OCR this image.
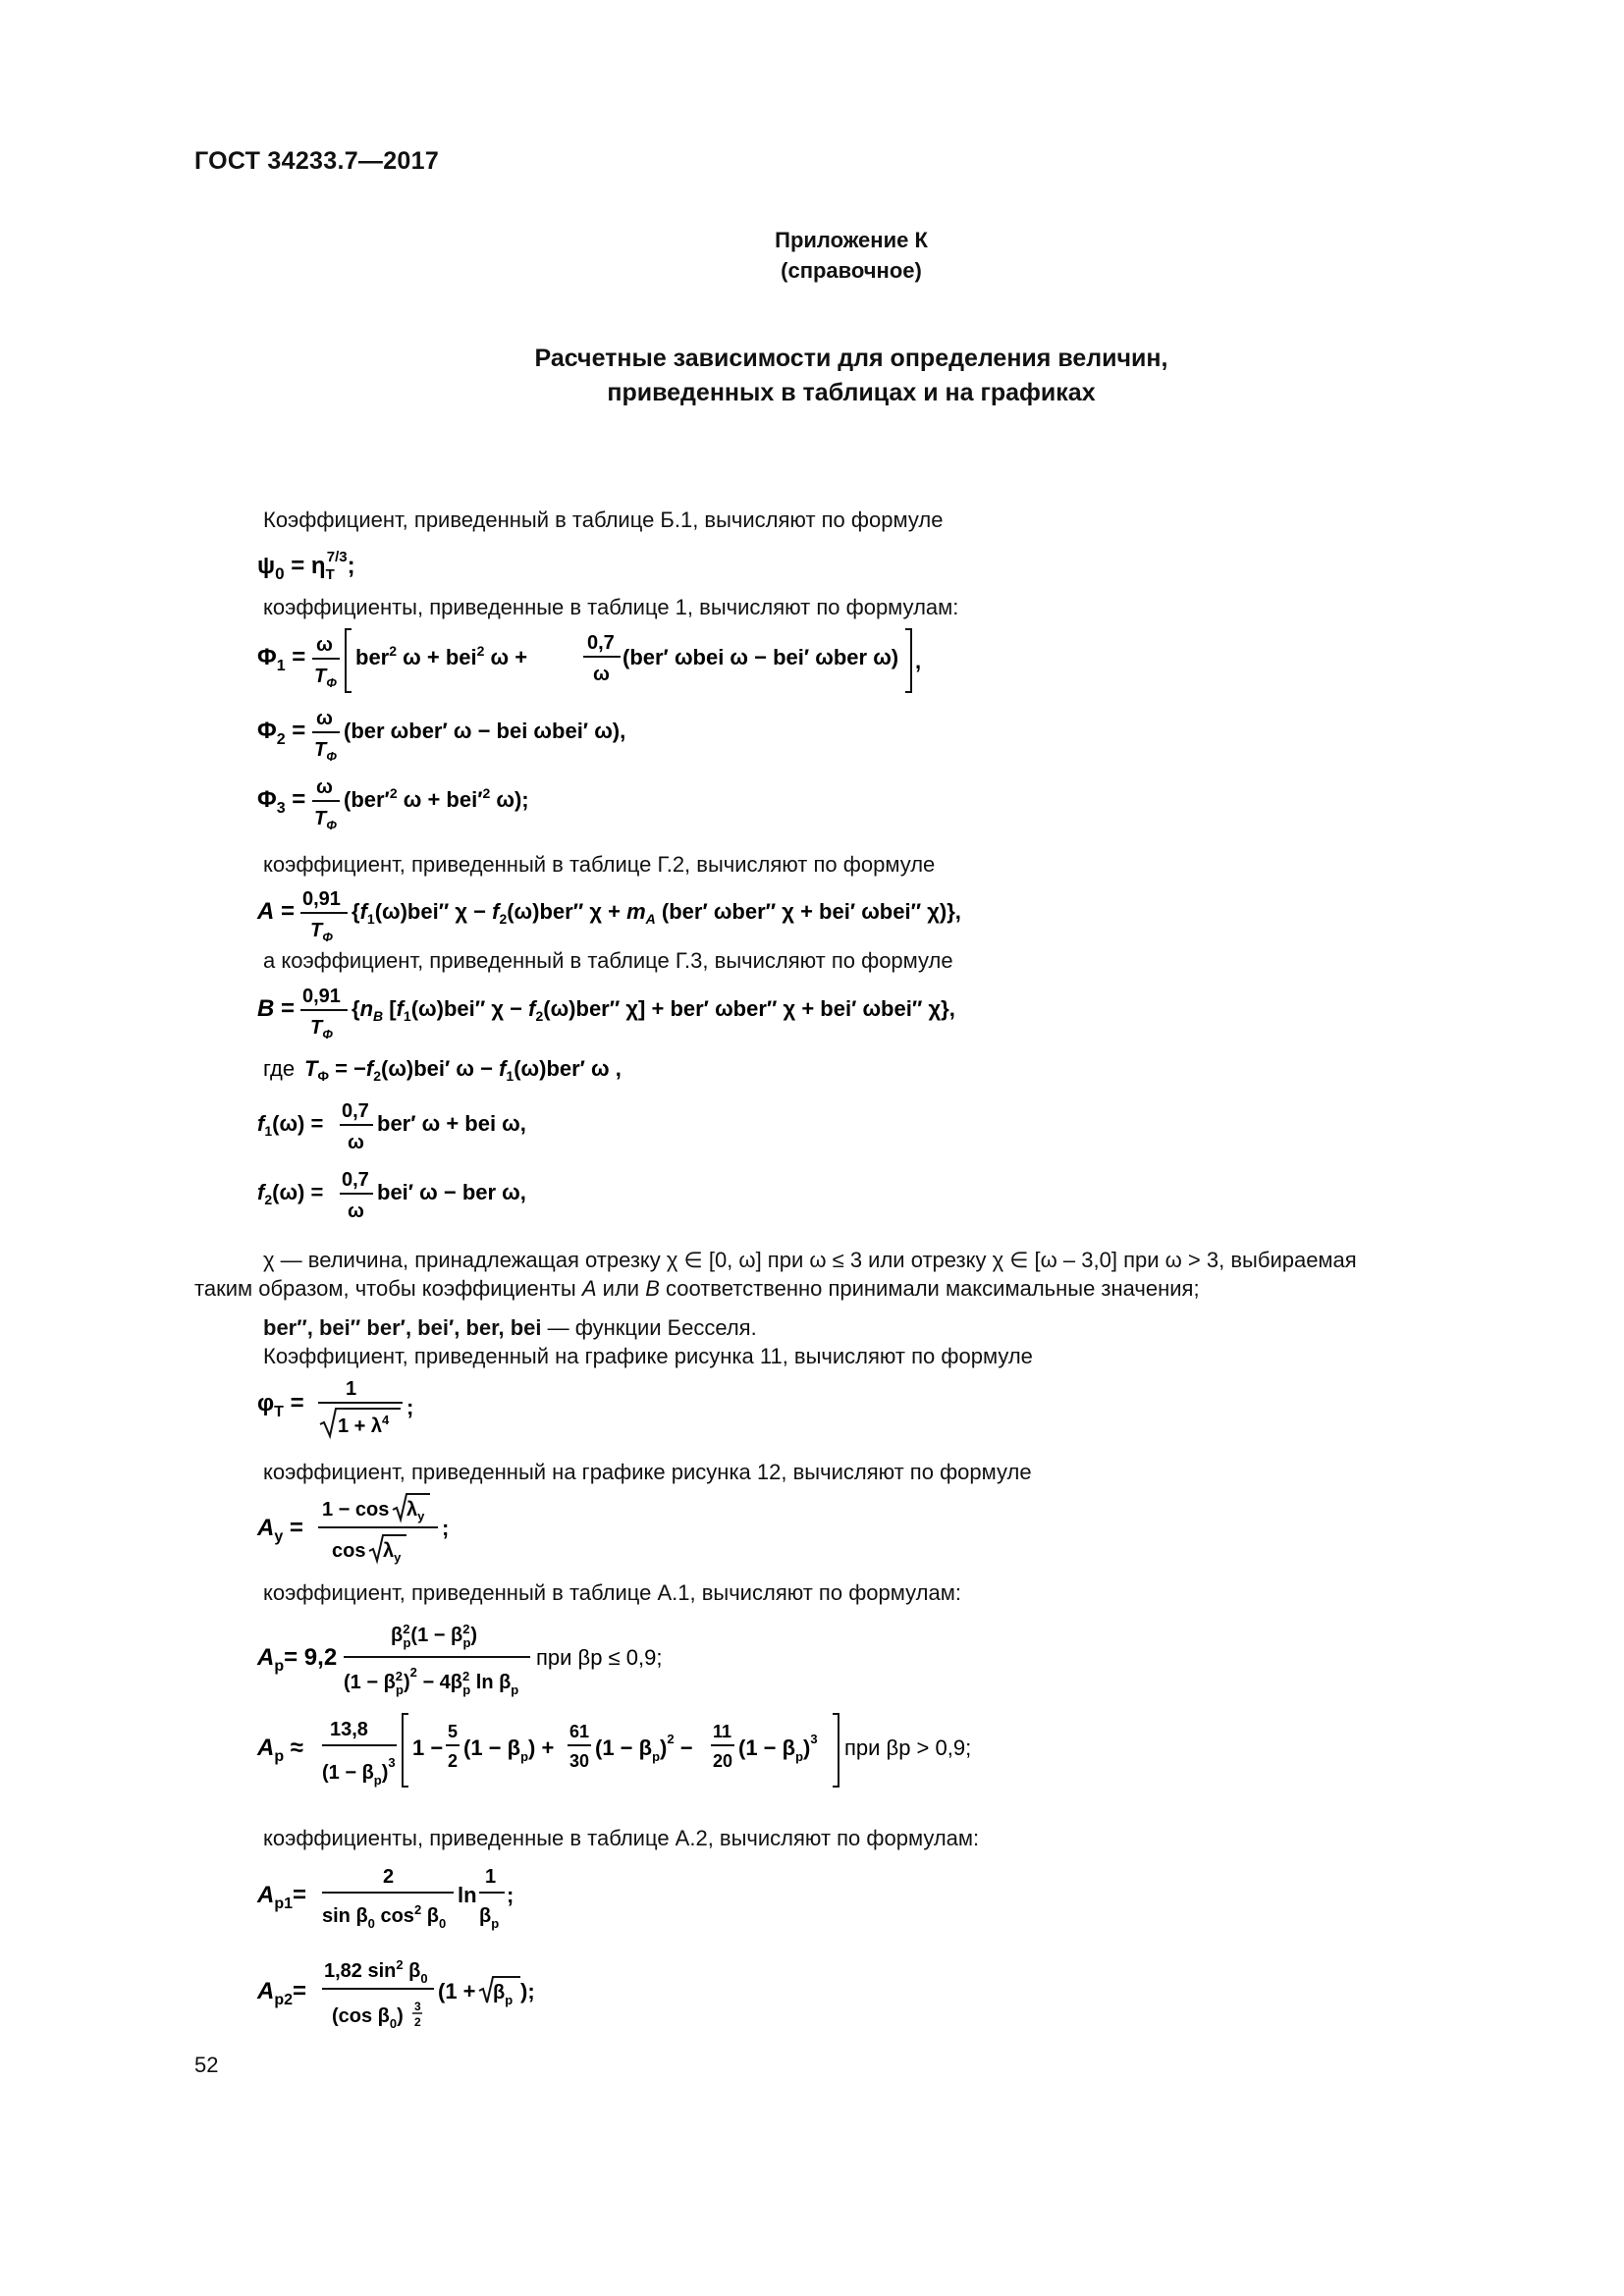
ГОСТ 34233.7—2017
Приложение К
(справочное)
Расчетные зависимости для определения величин,
приведенных в таблицах и на графиках
Коэффициент, приведенный в таблице Б.1, вычисляют по формуле
$\psi_0 = \eta_T7/3$;
коэффициенты, приведенные в таблице 1, вычисляют по формулам:
$\Phi_1 = \omega$
$T_\Phi$
ber$^2$ ω + bei$^2$ ω +
0,7
ω
(ber′ ωbei ω − bei′ ωber ω) ,
$\Phi_2 = \omega$
$T_\Phi$
(ber ωber′ ω − bei ωbei′ ω),
$\Phi_3 = \omega$
$T_\Phi$
($ber'^2$ $\omega + bei'^2$ ω);
коэффициент, приведенный в таблице Г.2, вычисляют по формуле
A = 0,91
$T_\Phi$
{$f_1(\omega)bei''$ $\chi - f_2(\omega)ber''$ $\chi + m_A$ (ber′ ωber″ χ + bei′ ωbei″ χ)},
а коэффициент, приведенный в таблице Г.3, вычисляют по формуле
B = 0,91
$T_\Phi$
{$n_B$ [$f_1(\omega)bei''$ $\chi - f_2(\omega)ber''$ χ] + ber′ ωber″ χ + bei′ ωbei″ χ},
где $T_\Phi = -f_2(\omega)bei'$ $\omega - f_1(\omega)ber'$ ω ,
$f_1(\omega) = 0,7$
ω
ber′ ω + bei ω,
$f_2(\omega) = 0,7$
ω
bei′ ω − ber ω,
χ — величина, принадлежащая отрезку χ ∈ [0, ω] при ω ≤ 3 или отрезку χ ∈ [ω – 3,0] при ω > 3, выбираемая
таким образом, чтобы коэффициенты A или B соответственно принимали максимальные значения;
ber″, bei″ ber′, bei′, ber, bei — функции Бесселя.
Коэффициент, приведенный на графике рисунка 11, вычисляют по формуле
$\varphi_T$ =
1
$1 + \lambda^4$
;
коэффициент, приведенный на графике рисунка 12, вычисляют по формуле
$A_y$ =
$1 - \cos \lambda_y$
$\cos \lambda_y$
;
коэффициент, приведенный в таблице А.1, вычисляют по формулам:
$A_p= 9,2$
$\beta^2$ $p(1 - \beta^2$ p)
($1 - \beta^2$ $p)^2 - 4\beta^2$ p $\ln \beta_p$
при βp ≤ 0,9;
$A_p$ ≈
13,8
$(1 - \beta_p)^3$
1 −
5
2
$(1 - \beta_p)$ +
61
30
$(1 - \beta_p)^2$ −
11
20
$(1 - \beta_p)^3$ при βp > 0,9;
коэффициенты, приведенные в таблице А.2, вычисляют по формулам:
$A_{p1}=$
2
$\sin \beta_0$ $\cos^2 \beta_0$
ln
1
$\beta_p$
;
$A_{p2}=$
1,82 $\sin^2 \beta_0$
(cos $\beta_0$) 3
2
($1 + \beta_p$ );
52
